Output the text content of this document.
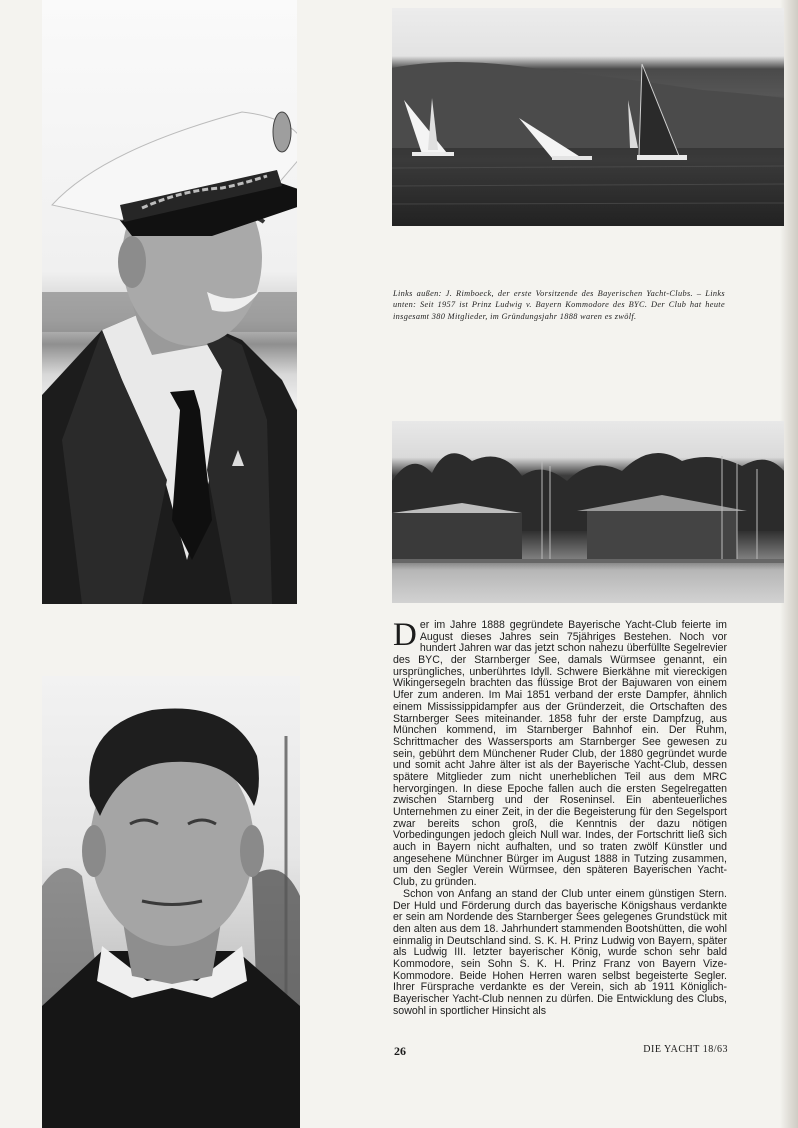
Links außen: J. Rimboeck, der erste Vorsitzende des Bayerischen Yacht-Clubs. – Links unten: Seit 1957 ist Prinz Ludwig v. Bayern Kommodore des BYC. Der Club hat heute insgesamt 380 Mitglieder, im Gründungsjahr 1888 waren es zwölf.

Der im Jahre 1888 gegründete Bayerische Yacht-Club feierte im August dieses Jahres sein 75jähriges Bestehen. Noch vor hundert Jahren war das jetzt schon nahezu überfüllte Segelrevier des BYC, der Starnberger See, damals Würmsee genannt, ein ursprüngliches, unberührtes Idyll. Schwere Bierkähne mit viereckigen Wikingersegeln brachten das flüssige Brot der Bajuwaren von einem Ufer zum anderen. Im Mai 1851 verband der erste Dampfer, ähnlich einem Mississippidampfer aus der Gründerzeit, die Ortschaften des Starnberger Sees miteinander. 1858 fuhr der erste Dampfzug, aus München kommend, im Starnberger Bahnhof ein. Der Ruhm, Schrittmacher des Wassersports am Starnberger See gewesen zu sein, gebührt dem Münchener Ruder Club, der 1880 gegründet wurde und somit acht Jahre älter ist als der Bayerische Yacht-Club, dessen spätere Mitglieder zum nicht unerheblichen Teil aus dem MRC hervorgingen. In diese Epoche fallen auch die ersten Segelregatten zwischen Starnberg und der Roseninsel. Ein abenteuerliches Unternehmen zu einer Zeit, in der die Begeisterung für den Segelsport zwar bereits schon groß, die Kenntnis der dazu nötigen Vorbedingungen jedoch gleich Null war. Indes, der Fortschritt ließ sich auch in Bayern nicht aufhalten, und so traten zwölf Künstler und angesehene Münchner Bürger im August 1888 in Tutzing zusammen, um den Segler Verein Würmsee, den späteren Bayerischen Yacht-Club, zu gründen.

Schon von Anfang an stand der Club unter einem günstigen Stern. Der Huld und Förderung durch das bayerische Königshaus verdankte er sein am Nordende des Starnberger Sees gelegenes Grundstück mit den alten aus dem 18. Jahrhundert stammenden Bootshütten, die wohl einmalig in Deutschland sind. S. K. H. Prinz Ludwig von Bayern, später als Ludwig III. letzter bayerischer König, wurde schon sehr bald Kommodore, sein Sohn S. K. H. Prinz Franz von Bayern Vize-Kommodore. Beide Hohen Herren waren selbst begeisterte Segler. Ihrer Fürsprache verdankte es der Verein, sich ab 1911 Königlich-Bayerischer Yacht-Club nennen zu dürfen. Die Entwicklung des Clubs, sowohl in sportlicher Hinsicht als

26	DIE YACHT 18/63
